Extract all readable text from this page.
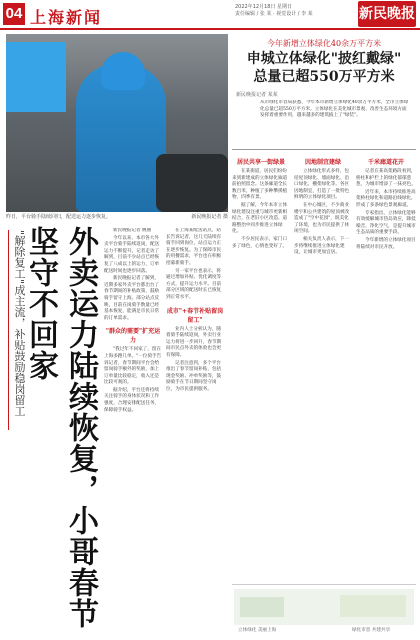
04 上海新闻
2022年12月18日 星期日
责任编辑 / 张 某 · 视觉设计 / 李 某	新民晚报
昨日，平台骑手陆续回归，配送运力逐步恢复。	新民晚报记者 摄
"解除复工"成主流，补贴鼓励稳岗留工 外卖运力陆续恢复，小哥春节坚守不回家	新民晚报记者 姚丽

今年以来，本市各大外卖平台骑手陆续返岗，配送运力不断提升。记者走访了解到，目前不少站点已经恢复了八成以上的运力，订单配送时间也逐步回落。

新民晚报记者了解到，近期多家外卖平台都出台了春节期间的补贴政策，鼓励骑手留守上海。部分站点反映，目前在岗骑手数量已经基本恢复，能满足市民日常的订单需求。

"群众的需要"扩充运力

"我过年不回家了，留在上海多跑几单。"一位骑手告诉记者，春节期间平台会给留岗骑手额外的奖励，加上订单量比较稳定，收入还是比较可观的。

据介绍，平台还将持续关注骑手的身体状况和工作强度，合理安排配送任务，保障骑手权益。

在上海某配送站点，站长告诉记者，这几天陆续有骑手回到岗位，站点运力正在逐步恢复。为了保障市民的用餐需求，平台也在积极招募新骑手。

另一家平台也表示，将通过增加补贴、优化调度等方式，提升运力水平。目前部分区域的配送时长已恢复到正常水平。

成市"+春节补贴留岗留工"

业内人士分析认为，随着骑手陆续返岗，外卖行业运力将进一步回升，春节期间市民点外卖的体验也会更有保障。

记者注意到，多个平台推出了春节留岗补贴，包括现金奖励、冲单奖励等，鼓励骑手在节日期间坚守岗位，为市民提供服务。

今年新增立体绿化40余万平方米
申城立体绿化"披红戴绿"
总量已超550万平方米
新民晚报记者 某某
从市绿化市容局获悉，今年本市新增立体绿化40余万平方米，全市立体绿化总量已超550万平方米。立体绿化在美化城市景观、改善生态环境方面发挥着重要作用，越来越多的建筑披上了"绿装"。
居民共享一街绿景

在某街道，居民们纷纷来到新建成的立体绿化廊道前拍照留念。这条廊道全长数百米，种植了多种攀援植物，四季有景。

据了解，今年本市立体绿化建设注重与城市更新相结合，在老旧小区改造、道路整治中同步推进立体绿化。

不少居民表示，家门口多了绿色，心情也变好了。

因地制宜建绿

立体绿化形式多样，包括屋顶绿化、墙面绿化、沿口绿化、棚架绿化等。各区因地制宜，打造了一批特色鲜明的立体绿化项目。

在中心城区，不少商业楼宇和公共建筑的屋顶被改造成了"空中花园"，既美化了环境，也为市民提供了休闲空间。

相关负责人表示，下一步将继续推进立体绿化建设，让城市更加宜居。

千米廊道花开

记者在某高架路段看到，桥柱和护栏上的绿化郁郁葱葱，为城市增添了一抹亮色。

近年来，本市持续推进高架桥柱绿化和道路沿线绿化，形成了多条绿色景观廊道。

专家指出，立体绿化能够有效缓解城市热岛效应，降低噪音，净化空气，是提升城市生态品质的重要手段。

今年新增的立体绿化项目将陆续对市民开放。

立体绿化 美丽上海	绿化市容 共建共享
